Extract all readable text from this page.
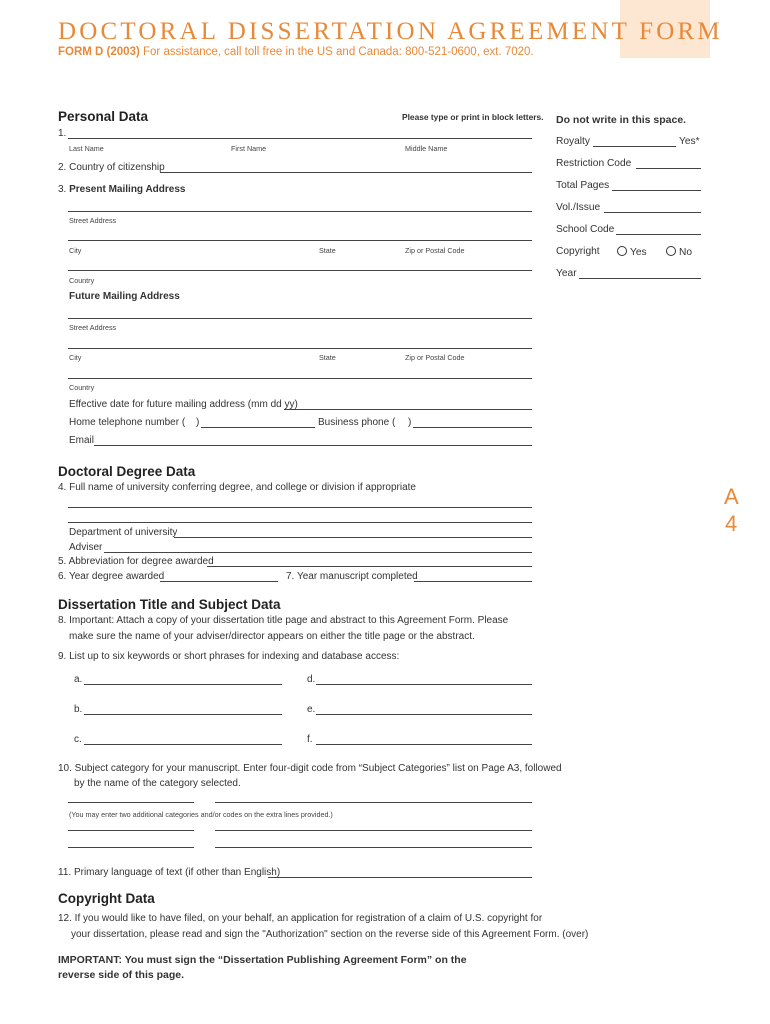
DOCTORAL DISSERTATION AGREEMENT FORM
FORM D (2003) For assistance, call toll free in the US and Canada: 800-521-0600, ext. 7020.
Personal Data	Please type or print in block letters.
1.
Last Name	First Name	Middle Name
2. Country of citizenship
3. Present Mailing Address
Street Address
City	State	Zip or Postal Code
Country
Future Mailing Address
Street Address
City	State	Zip or Postal Code
Country
Effective date for future mailing address (mm dd yy)
Home telephone number ( )	Business phone ( )
Email
Do not write in this space.
Royalty	Yes*
Restriction Code
Total Pages
Vol./Issue
School Code
Copyright	Yes	No
Year
Doctoral Degree Data
4. Full name of university conferring degree, and college or division if appropriate
Department of university
Adviser
5. Abbreviation for degree awarded
6. Year degree awarded	7. Year manuscript completed
A
4
Dissertation Title and Subject Data
8. Important: Attach a copy of your dissertation title page and abstract to this Agreement Form. Please
make sure the name of your adviser/director appears on either the title page or the abstract.
9. List up to six keywords or short phrases for indexing and database access:
a.	d.
b.	e.
c.	f.
10. Subject category for your manuscript. Enter four-digit code from “Subject Categories” list on Page A3, followed
by the name of the category selected.
(You may enter two additional categories and/or codes on the extra lines provided.)
11. Primary language of text (if other than English)
Copyright Data
12. If you would like to have filed, on your behalf, an application for registration of a claim of U.S. copyright for
your dissertation, please read and sign the "Authorization" section on the reverse side of this Agreement Form. (over)
IMPORTANT: You must sign the “Dissertation Publishing Agreement Form” on the
reverse side of this page.
